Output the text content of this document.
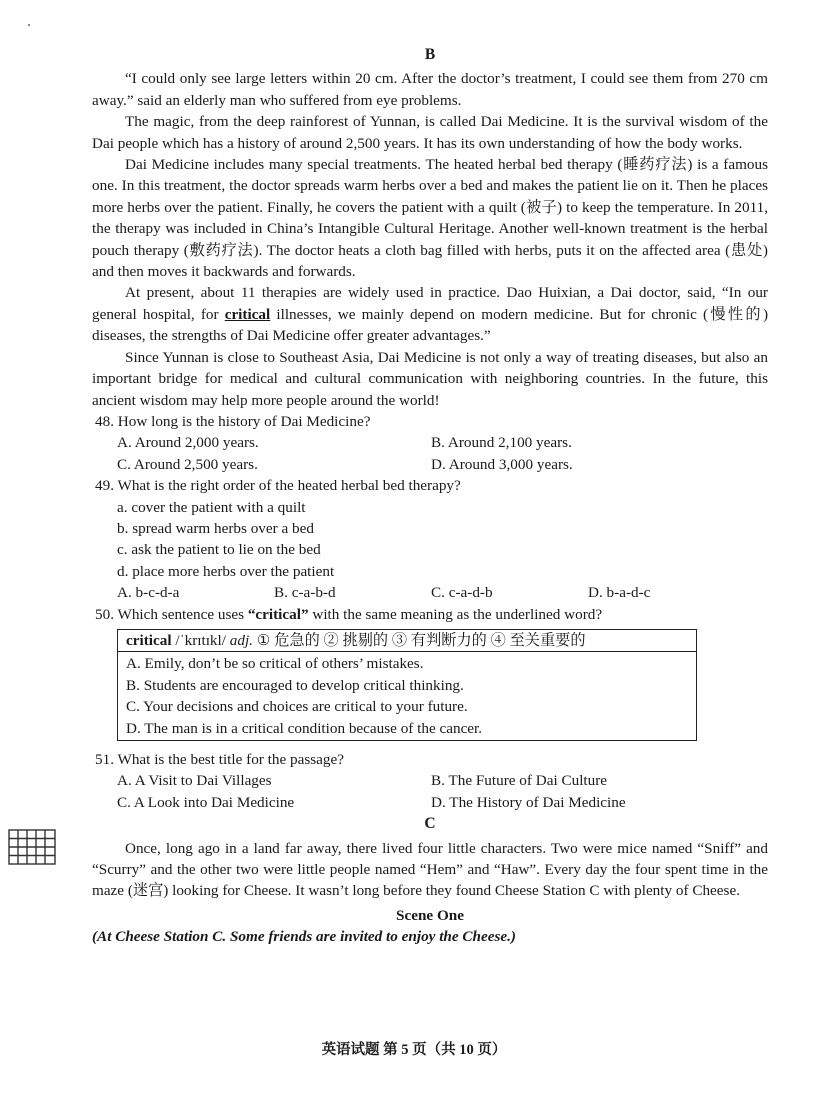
B

“I could only see large letters within 20 cm. After the doctor’s treatment, I could see them from 270 cm away.” said an elderly man who suffered from eye problems.

The magic, from the deep rainforest of Yunnan, is called Dai Medicine. It is the survival wisdom of the Dai people which has a history of around 2,500 years. It has its own understanding of how the body works.

Dai Medicine includes many special treatments. The heated herbal bed therapy (睡药疗法) is a famous one. In this treatment, the doctor spreads warm herbs over a bed and makes the patient lie on it. Then he places more herbs over the patient. Finally, he covers the patient with a quilt (被子) to keep the temperature. In 2011, the therapy was included in China’s Intangible Cultural Heritage. Another well-known treatment is the herbal pouch therapy (敷药疗法). The doctor heats a cloth bag filled with herbs, puts it on the affected area (患处) and then moves it backwards and forwards.

At present, about 11 therapies are widely used in practice. Dao Huixian, a Dai doctor, said, “In our general hospital, for critical illnesses, we mainly depend on modern medicine. But for chronic (慢性的) diseases, the strengths of Dai Medicine offer greater advantages.”

Since Yunnan is close to Southeast Asia, Dai Medicine is not only a way of treating diseases, but also an important bridge for medical and cultural communication with neighboring countries. In the future, this ancient wisdom may help more people around the world!

48. How long is the history of Dai Medicine?
A. Around 2,000 years.	B. Around 2,100 years.
C. Around 2,500 years.	D. Around 3,000 years.
49. What is the right order of the heated herbal bed therapy?
a. cover the patient with a quilt
b. spread warm herbs over a bed
c. ask the patient to lie on the bed
d. place more herbs over the patient
A. b-c-d-a	B. c-a-b-d	C. c-a-d-b	D. b-a-d-c
50. Which sentence uses “critical” with the same meaning as the underlined word?
critical /ˈkrɪtɪkl/ adj. ① 危急的 ② 挑剔的 ③ 有判断力的 ④ 至关重要的
A. Emily, don’t be so critical of others’ mistakes.
B. Students are encouraged to develop critical thinking.
C. Your decisions and choices are critical to your future.
D. The man is in a critical condition because of the cancer.
51. What is the best title for the passage?
A. A Visit to Dai Villages	B. The Future of Dai Culture
C. A Look into Dai Medicine	D. The History of Dai Medicine
C

Once, long ago in a land far away, there lived four little characters. Two were mice named “Sniff” and “Scurry” and the other two were little people named “Hem” and “Haw”. Every day the four spent time in the maze (迷宫) looking for Cheese. It wasn’t long before they found Cheese Station C with plenty of Cheese.

Scene One
(At Cheese Station C. Some friends are invited to enjoy the Cheese.)
英语试题 第 5 页（共 10 页）
